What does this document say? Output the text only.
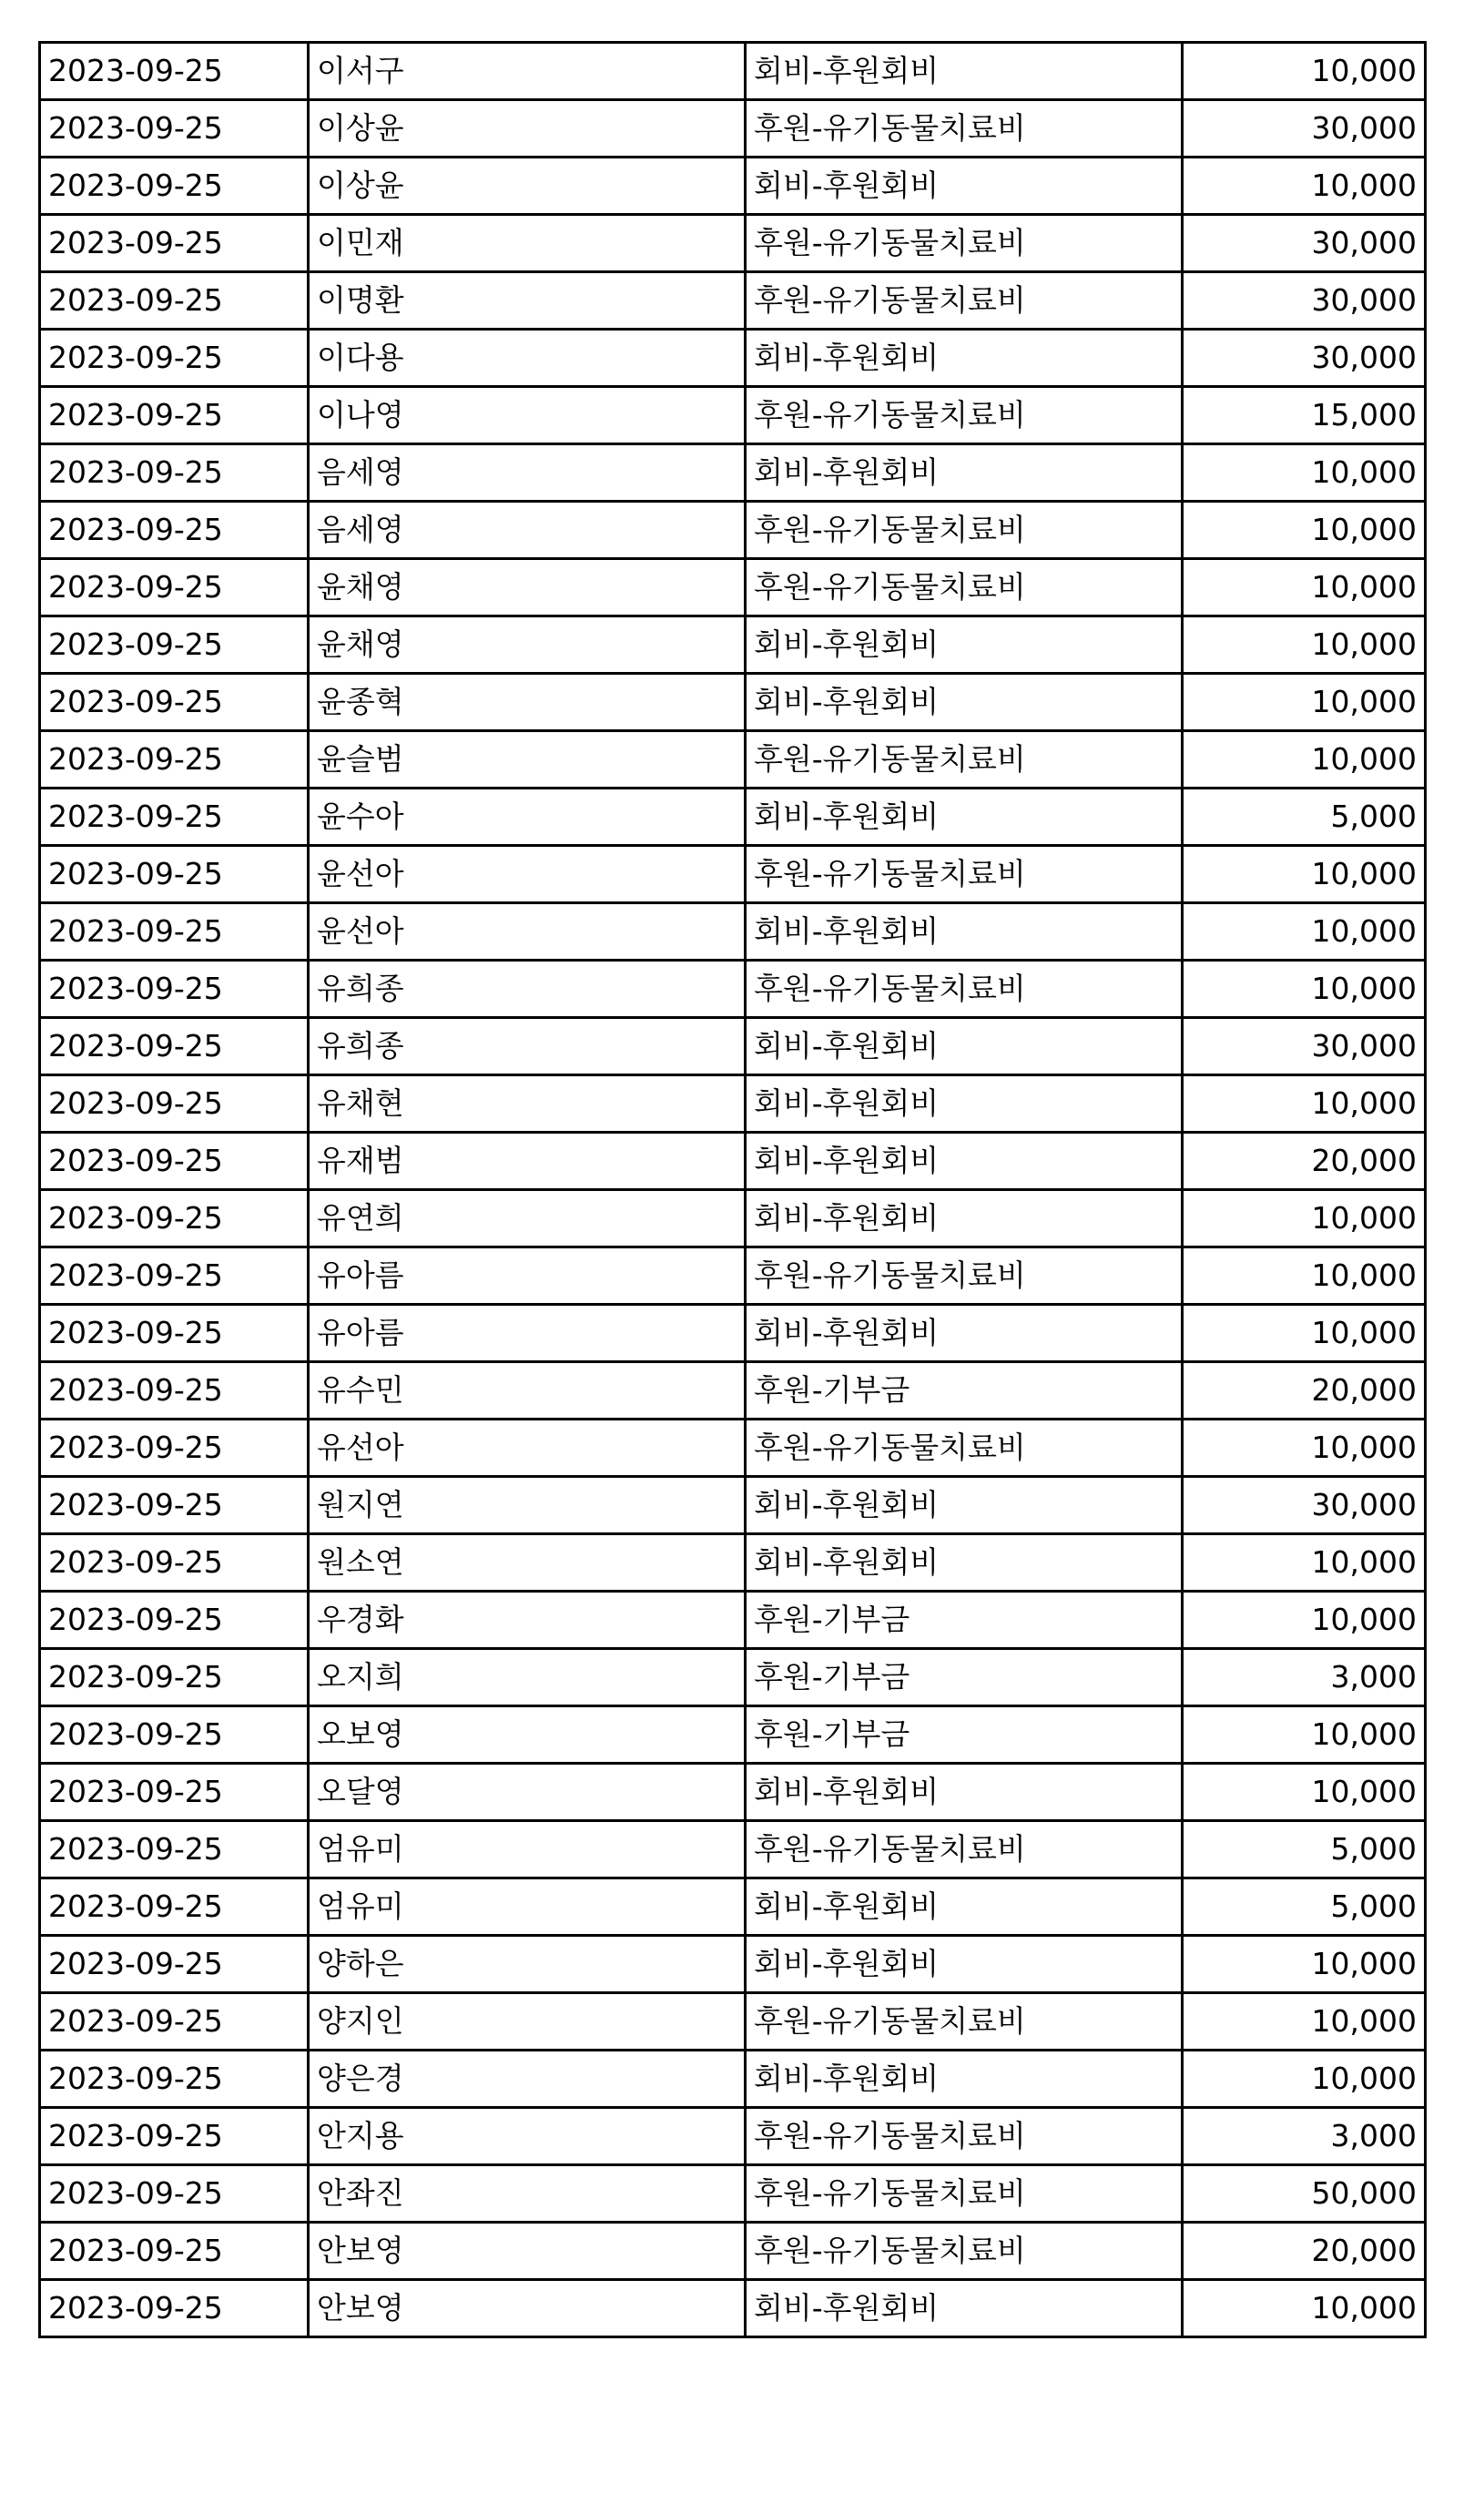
2023-09-25	이서구	회비-후원회비	10,000
2023-09-25	이상윤	후원-유기동물치료비	30,000
2023-09-25	이상윤	회비-후원회비	10,000
2023-09-25	이민재	후원-유기동물치료비	30,000
2023-09-25	이명환	후원-유기동물치료비	30,000
2023-09-25	이다용	회비-후원회비	30,000
2023-09-25	이나영	후원-유기동물치료비	15,000
2023-09-25	음세영	회비-후원회비	10,000
2023-09-25	음세영	후원-유기동물치료비	10,000
2023-09-25	윤채영	후원-유기동물치료비	10,000
2023-09-25	윤채영	회비-후원회비	10,000
2023-09-25	윤종혁	회비-후원회비	10,000
2023-09-25	윤슬범	후원-유기동물치료비	10,000
2023-09-25	윤수아	회비-후원회비	5,000
2023-09-25	윤선아	후원-유기동물치료비	10,000
2023-09-25	윤선아	회비-후원회비	10,000
2023-09-25	유희종	후원-유기동물치료비	10,000
2023-09-25	유희종	회비-후원회비	30,000
2023-09-25	유채현	회비-후원회비	10,000
2023-09-25	유재범	회비-후원회비	20,000
2023-09-25	유연희	회비-후원회비	10,000
2023-09-25	유아름	후원-유기동물치료비	10,000
2023-09-25	유아름	회비-후원회비	10,000
2023-09-25	유수민	후원-기부금	20,000
2023-09-25	유선아	후원-유기동물치료비	10,000
2023-09-25	원지연	회비-후원회비	30,000
2023-09-25	원소연	회비-후원회비	10,000
2023-09-25	우경화	후원-기부금	10,000
2023-09-25	오지희	후원-기부금	3,000
2023-09-25	오보영	후원-기부금	10,000
2023-09-25	오달영	회비-후원회비	10,000
2023-09-25	엄유미	후원-유기동물치료비	5,000
2023-09-25	엄유미	회비-후원회비	5,000
2023-09-25	양하은	회비-후원회비	10,000
2023-09-25	양지인	후원-유기동물치료비	10,000
2023-09-25	양은경	회비-후원회비	10,000
2023-09-25	안지용	후원-유기동물치료비	3,000
2023-09-25	안좌진	후원-유기동물치료비	50,000
2023-09-25	안보영	후원-유기동물치료비	20,000
2023-09-25	안보영	회비-후원회비	10,000
